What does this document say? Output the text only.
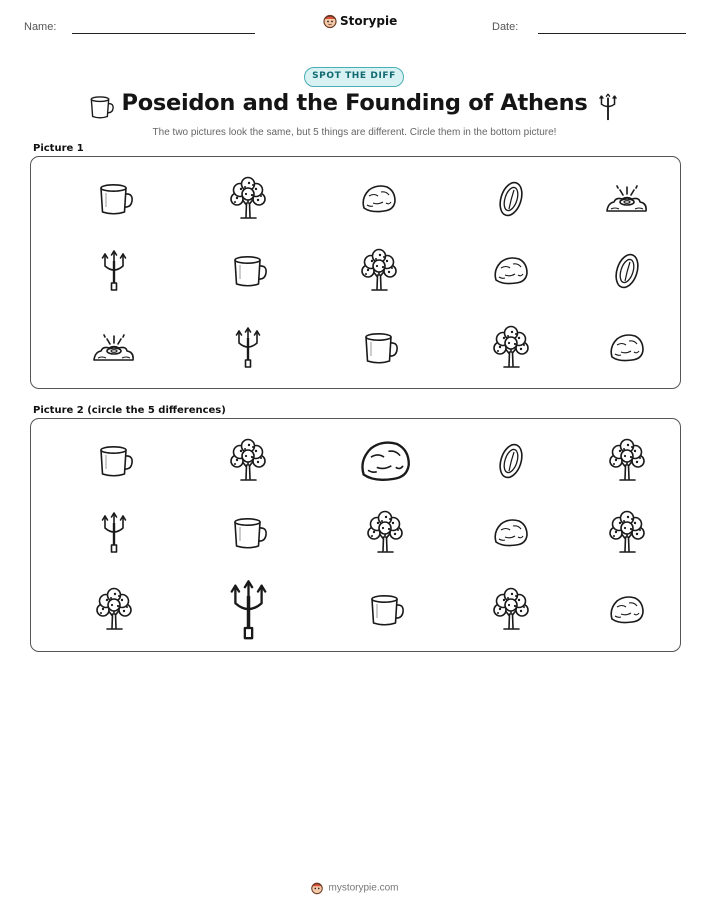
Name:	Storypie	Date:
SPOT THE DIFF
Poseidon and the Founding of Athens
The two pictures look the same, but 5 things are different. Circle them in the bottom picture!
Picture 1
Picture 2 (circle the 5 differences)
mystorypie.com
